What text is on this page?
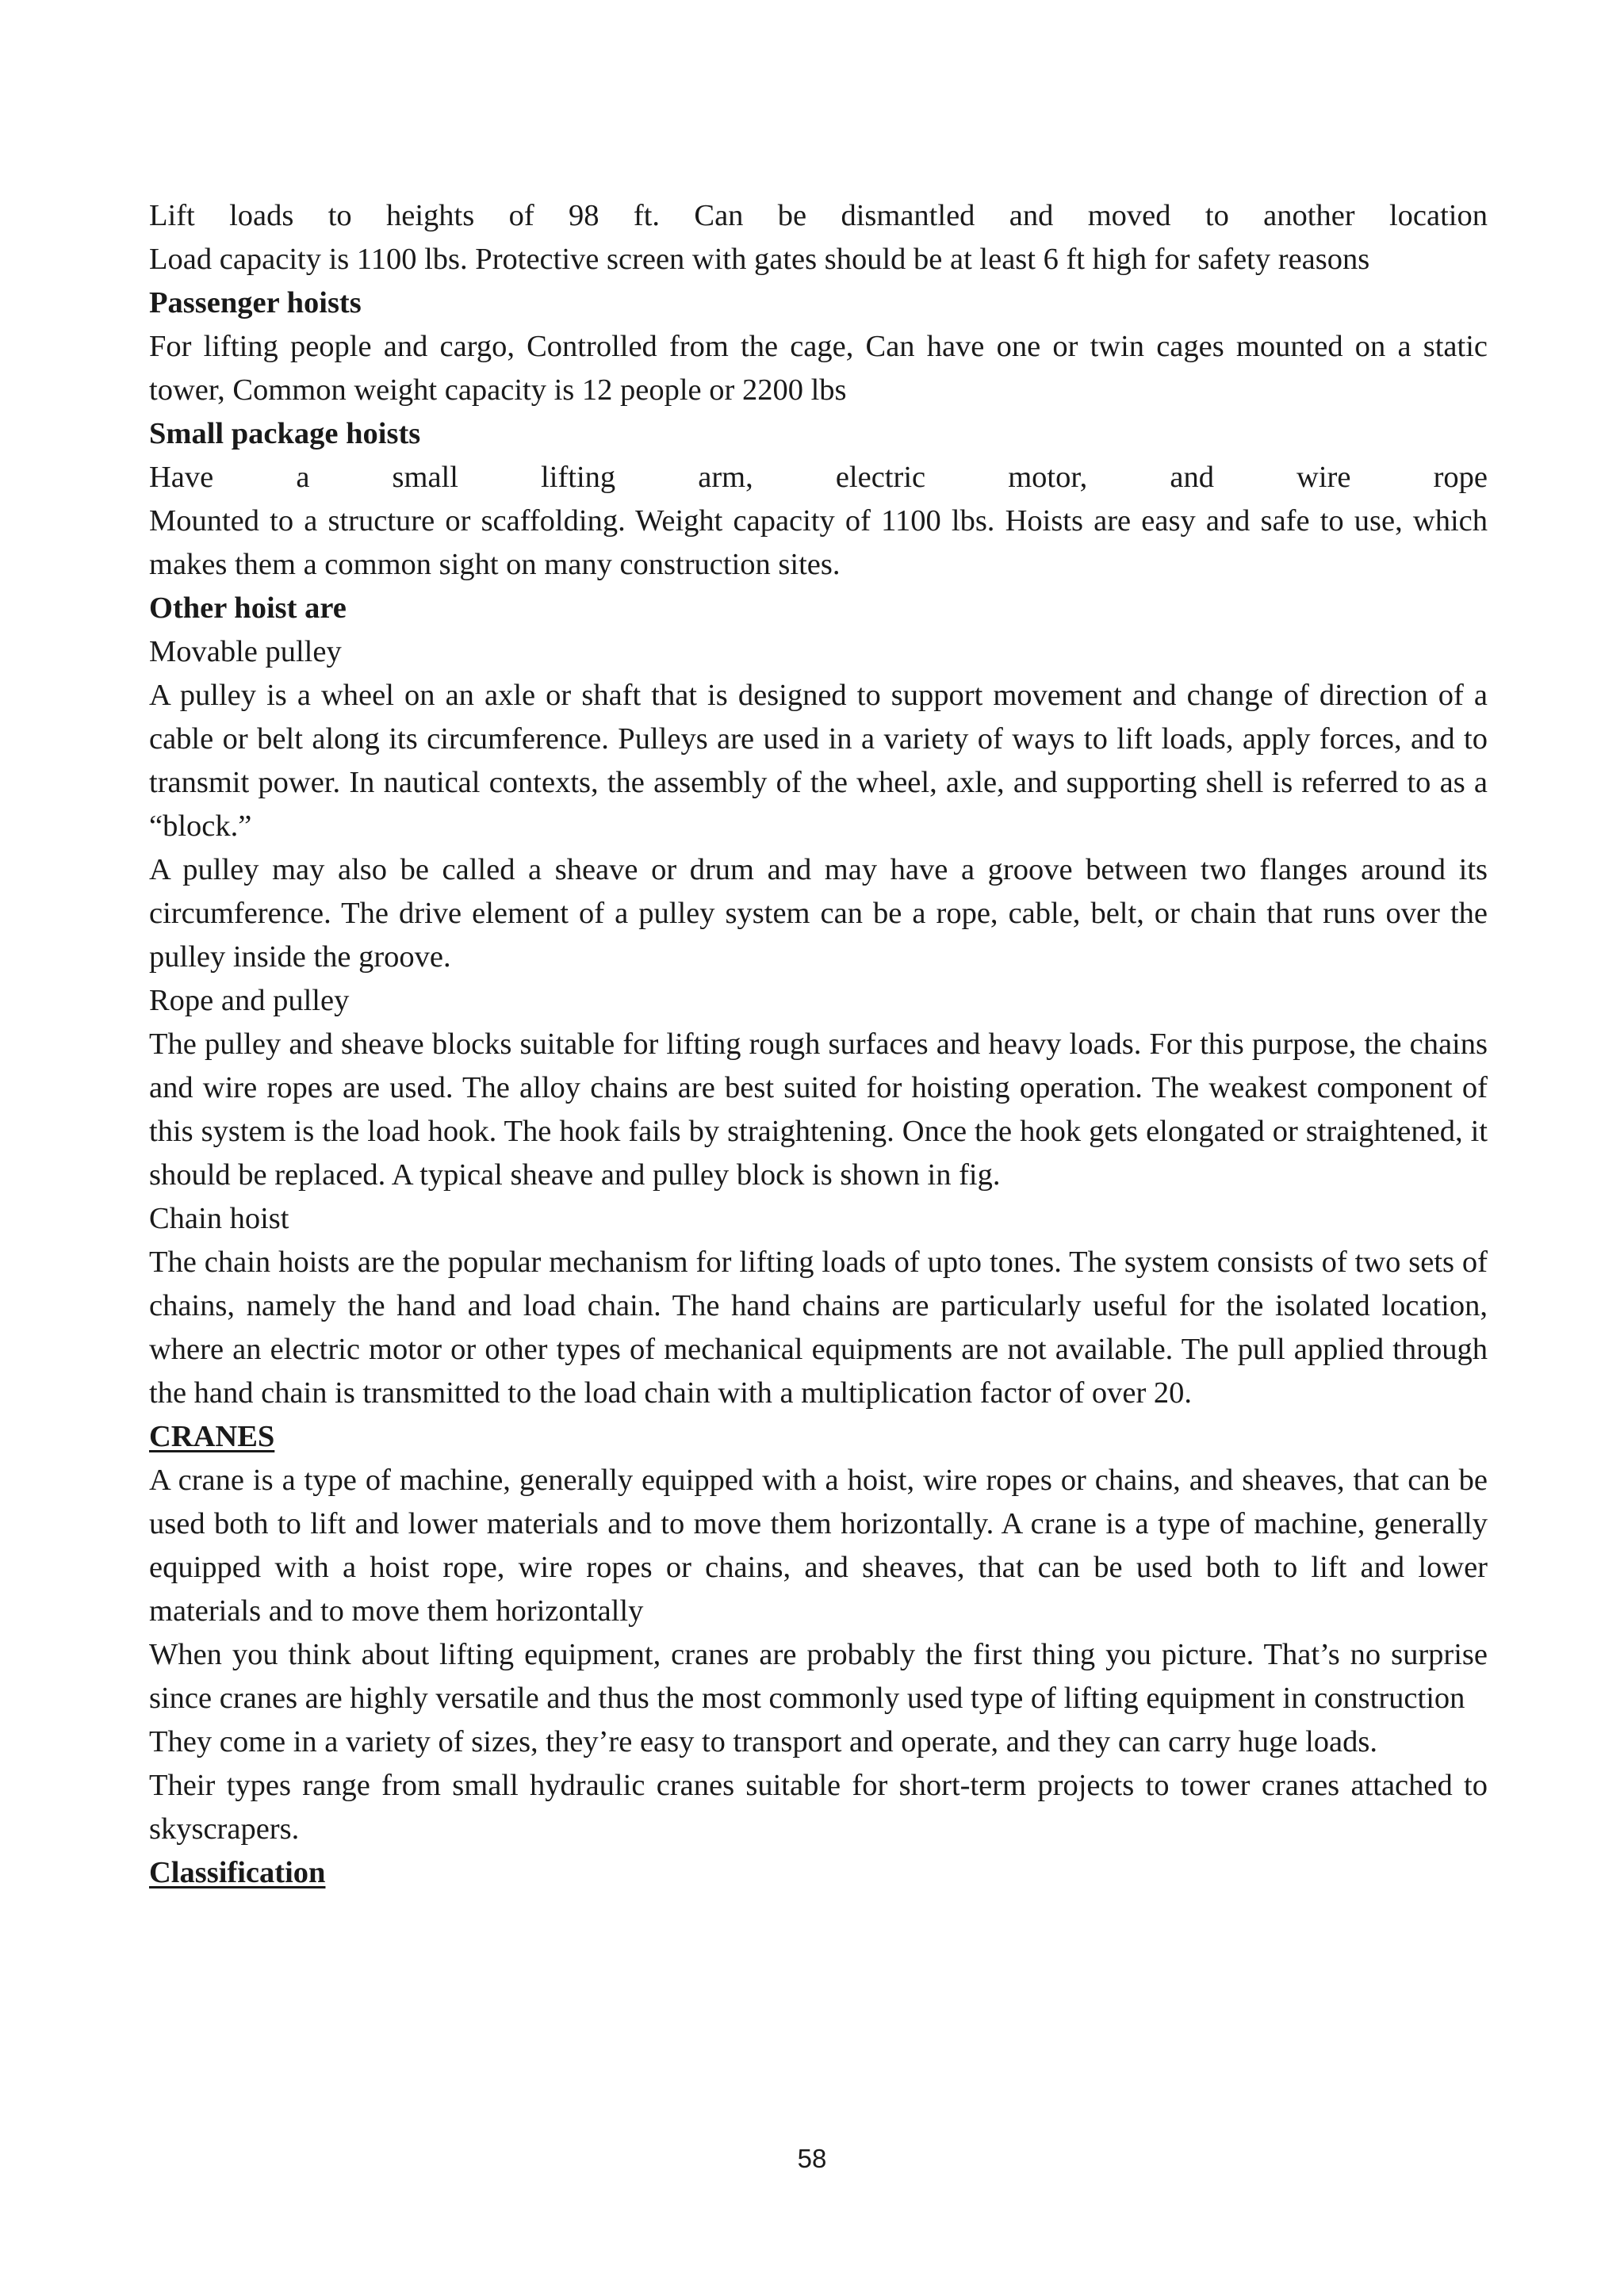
Lift loads to heights of 98 ft. Can be dismantled and moved to another location

Load capacity is 1100 lbs. Protective screen with gates should be at least 6 ft high for safety reasons

Passenger hoists

For lifting people and cargo, Controlled from the cage, Can have one or twin cages mounted on a static tower, Common weight capacity is 12 people or 2200 lbs

Small package hoists

Have a small lifting arm, electric motor, and wire rope

Mounted to a structure or scaffolding. Weight capacity of 1100 lbs. Hoists are easy and safe to use, which makes them a common sight on many construction sites.

Other hoist are
Movable pulley

A pulley is a wheel on an axle or shaft that is designed to support movement and change of direction of a cable or belt along its circumference. Pulleys are used in a variety of ways to lift loads, apply forces, and to transmit power. In nautical contexts, the assembly of the wheel, axle, and supporting shell is referred to as a “block.”

A pulley may also be called a sheave or drum and may have a groove between two flanges around its circumference. The drive element of a pulley system can be a rope, cable, belt, or chain that runs over the pulley inside the groove.

Rope and pulley

The pulley and sheave blocks suitable for lifting rough surfaces and heavy loads. For this purpose, the chains and wire ropes are used. The alloy chains are best suited for hoisting operation. The weakest component of this system is the load hook. The hook fails by straightening. Once the hook gets elongated or straightened, it should be replaced. A typical sheave and pulley block is shown in fig.

Chain hoist

The chain hoists are the popular mechanism for lifting loads of upto tones. The system consists of two sets of chains, namely the hand and load chain. The hand chains are particularly useful for the isolated location, where an electric motor or other types of mechanical equipments are not available. The pull applied through the hand chain is transmitted to the load chain with a multiplication factor of over 20.

CRANES

A crane is a type of machine, generally equipped with a hoist, wire ropes or chains, and sheaves, that can be used both to lift and lower materials and to move them horizontally. A crane is a type of machine, generally equipped with a hoist rope, wire ropes or chains, and sheaves, that can be used both to lift and lower materials and to move them horizontally

When you think about lifting equipment, cranes are probably the first thing you picture. That’s no surprise since cranes are highly versatile and thus the most commonly used type of lifting equipment in construction

They come in a variety of sizes, they’re easy to transport and operate, and they can carry huge loads.

Their types range from small hydraulic cranes suitable for short-term projects to tower cranes attached to skyscrapers.

Classification
58
